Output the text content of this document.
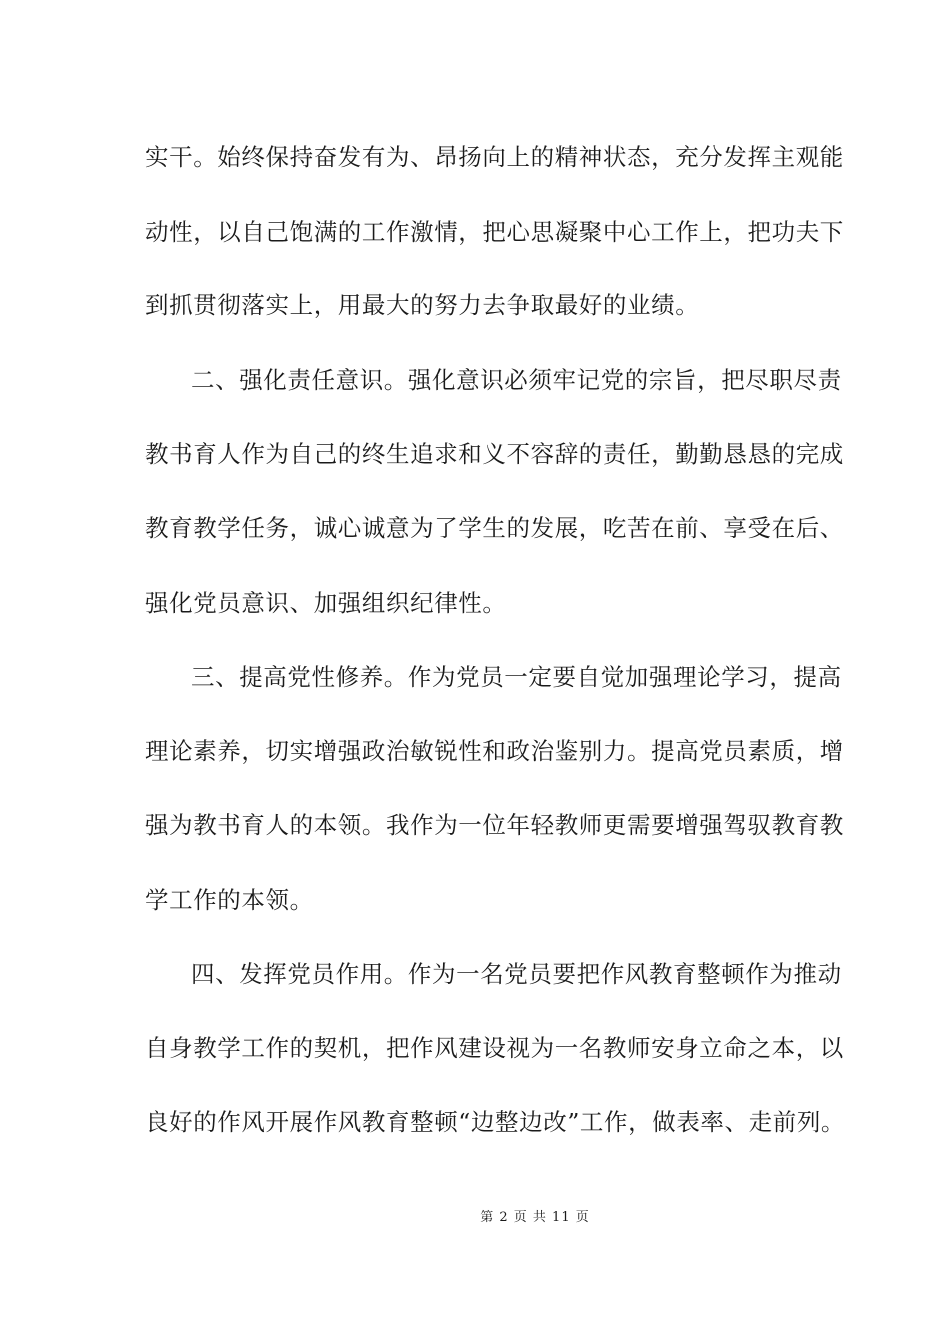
实干。始终保持奋发有为、昂扬向上的精神状态，充分发挥主观能
动性，以自己饱满的工作激情，把心思凝聚中心工作上，把功夫下
到抓贯彻落实上，用最大的努力去争取最好的业绩。
二、强化责任意识。强化意识必须牢记党的宗旨，把尽职尽责
教书育人作为自己的终生追求和义不容辞的责任，勤勤恳恳的完成
教育教学任务，诚心诚意为了学生的发展，吃苦在前、享受在后、
强化党员意识、加强组织纪律性。
三、提高党性修养。作为党员一定要自觉加强理论学习，提高
理论素养，切实增强政治敏锐性和政治鉴别力。提高党员素质，增
强为教书育人的本领。我作为一位年轻教师更需要增强驾驭教育教
学工作的本领。
四、发挥党员作用。作为一名党员要把作风教育整顿作为推动
自身教学工作的契机，把作风建设视为一名教师安身立命之本，以
良好的作风开展作风教育整顿“边整边改”工作，做表率、走前列。
第 2 页 共 11 页
